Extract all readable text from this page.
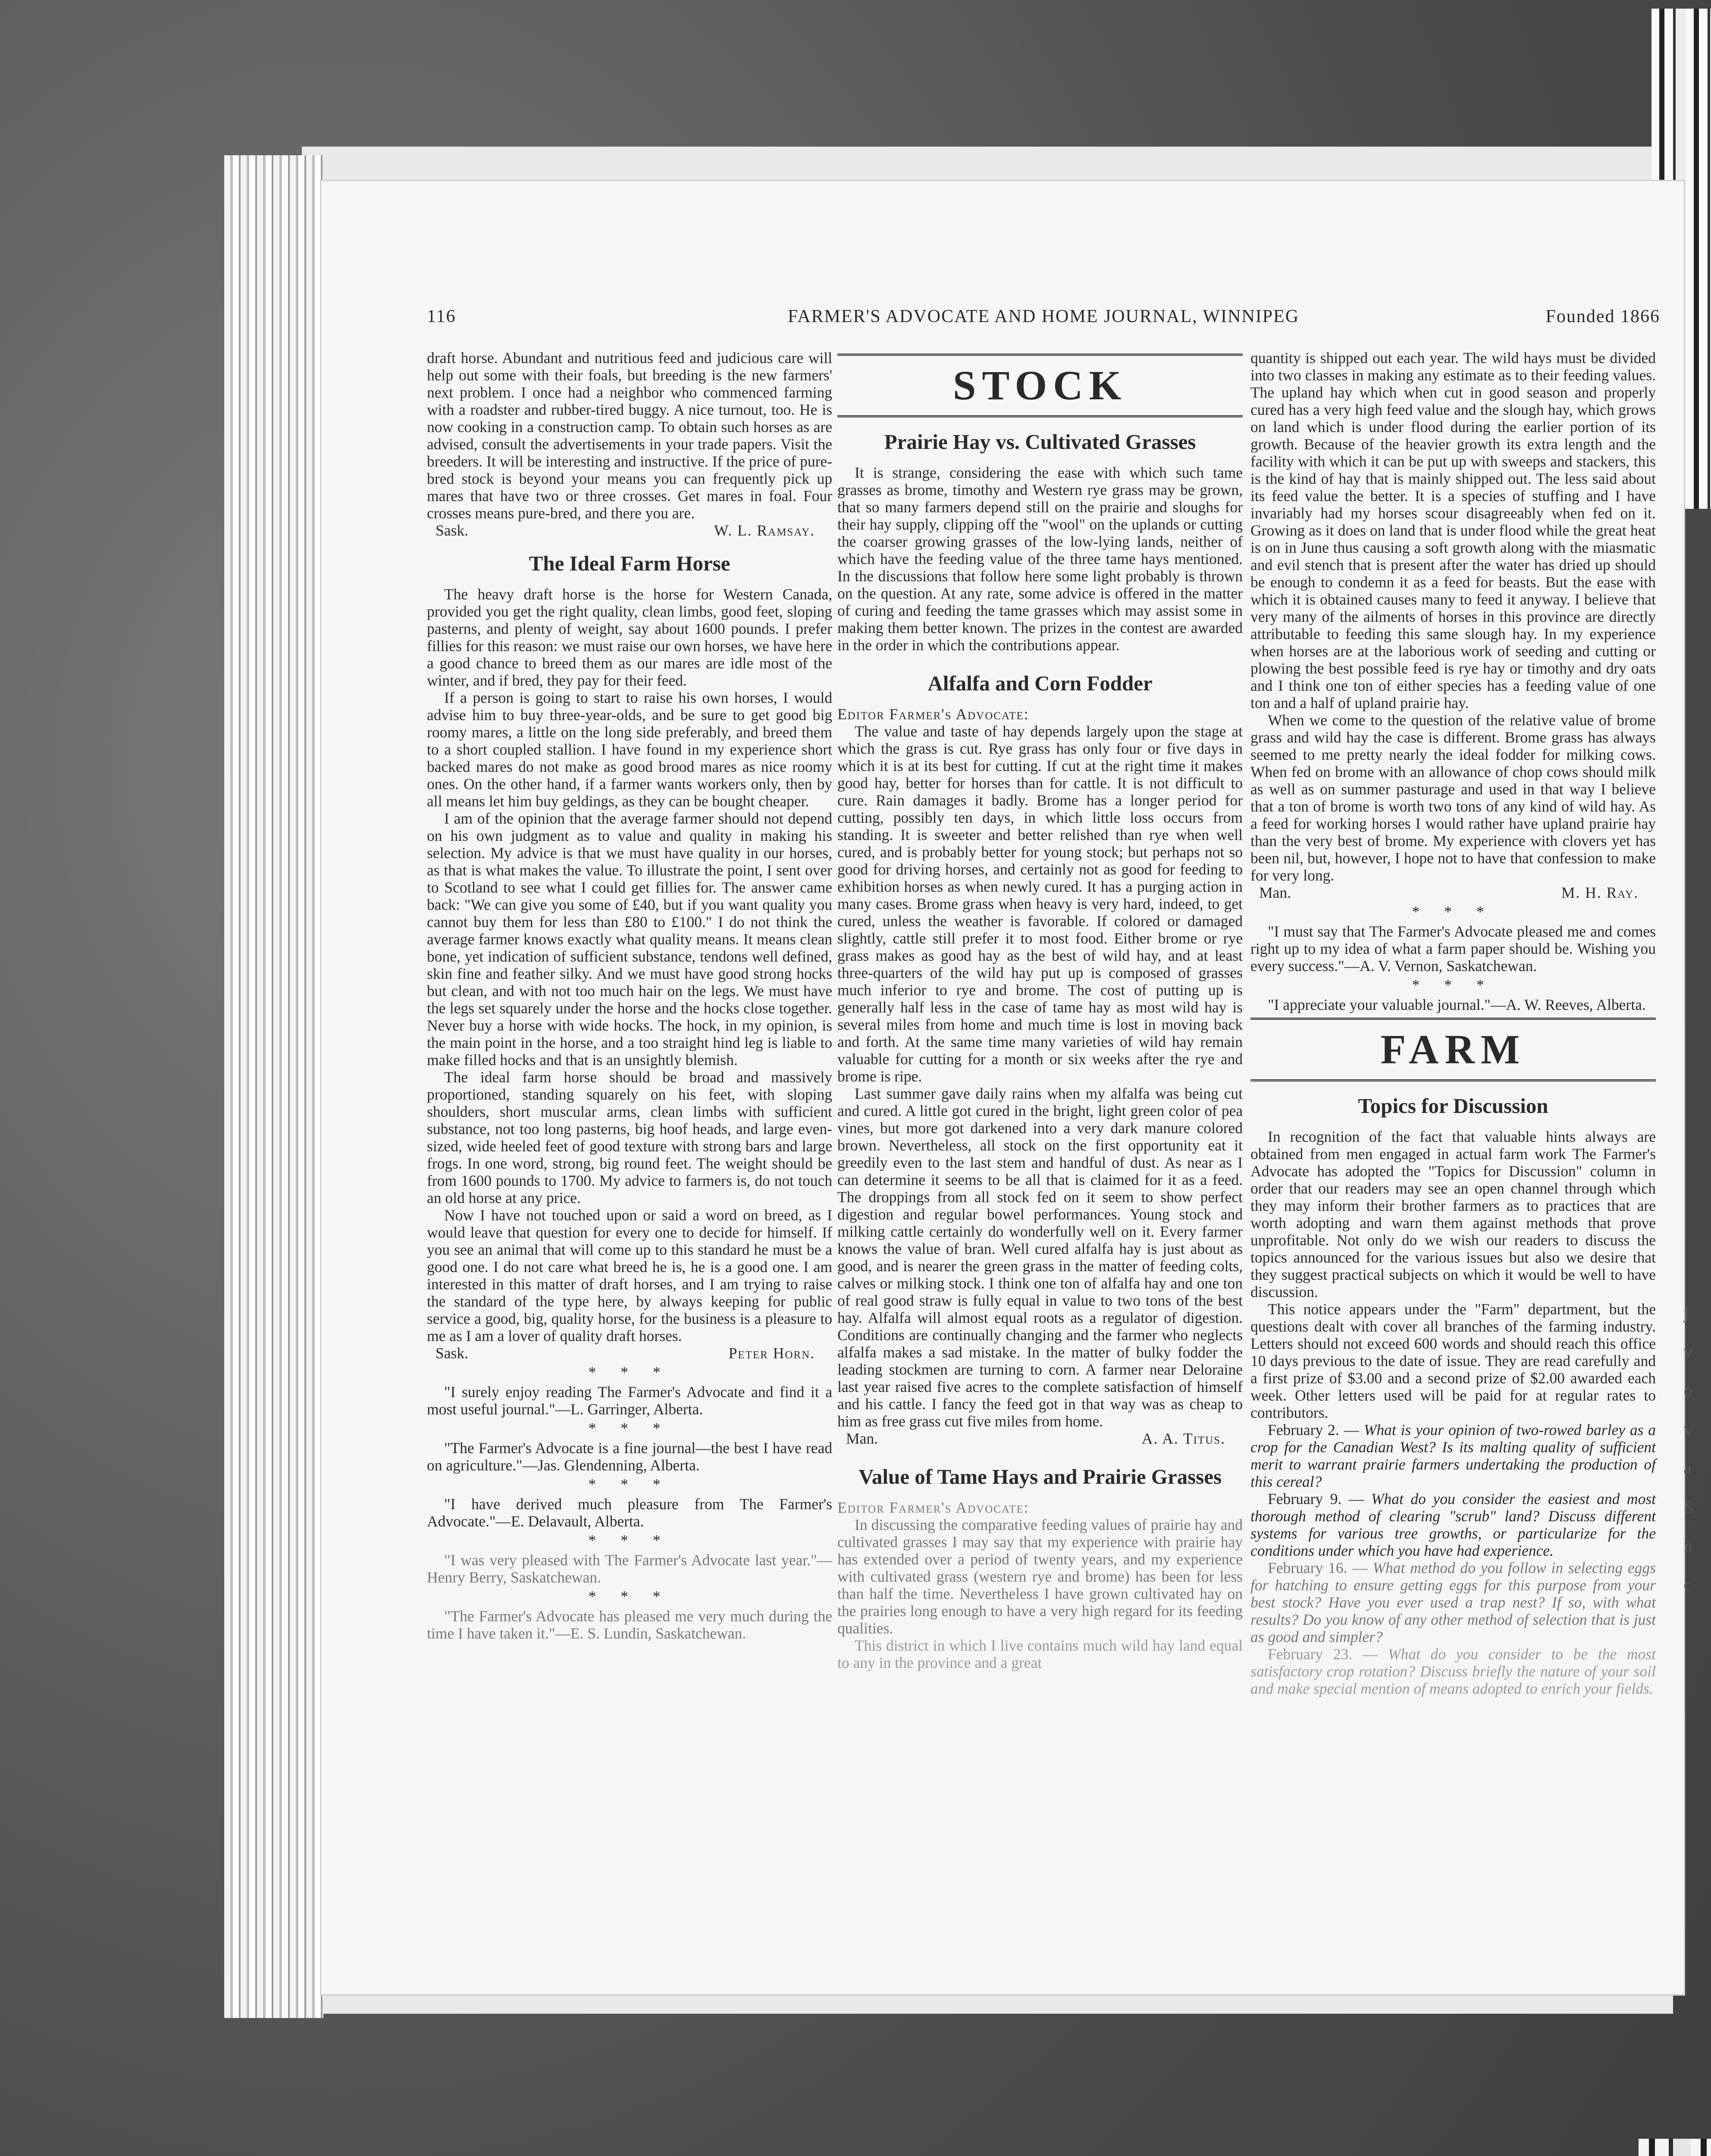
116	FARMER'S ADVOCATE AND HOME JOURNAL, WINNIPEG	Founded 1866

draft horse. Abundant and nutritious feed and judicious care will help out some with their foals, but breeding is the new farmers' next problem. I once had a neighbor who commenced farming with a roadster and rubber-tired buggy. A nice turnout, too. He is now cooking in a construction camp. To obtain such horses as are advised, consult the advertisements in your trade papers. Visit the breeders. It will be interesting and instructive. If the price of pure-bred stock is beyond your means you can frequently pick up mares that have two or three crosses. Get mares in foal. Four crosses means pure-bred, and there you are.

Sask.	W. L. Ramsay.
The Ideal Farm Horse

The heavy draft horse is the horse for Western Canada, provided you get the right quality, clean limbs, good feet, sloping pasterns, and plenty of weight, say about 1600 pounds. I prefer fillies for this reason: we must raise our own horses, we have here a good chance to breed them as our mares are idle most of the winter, and if bred, they pay for their feed.

If a person is going to start to raise his own horses, I would advise him to buy three-year-olds, and be sure to get good big roomy mares, a little on the long side preferably, and breed them to a short coupled stallion. I have found in my experience short backed mares do not make as good brood mares as nice roomy ones. On the other hand, if a farmer wants workers only, then by all means let him buy geldings, as they can be bought cheaper.

I am of the opinion that the average farmer should not depend on his own judgment as to value and quality in making his selection. My advice is that we must have quality in our horses, as that is what makes the value. To illustrate the point, I sent over to Scotland to see what I could get fillies for. The answer came back: "We can give you some of £40, but if you want quality you cannot buy them for less than £80 to £100." I do not think the average farmer knows exactly what quality means. It means clean bone, yet indication of sufficient substance, tendons well defined, skin fine and feather silky. And we must have good strong hocks but clean, and with not too much hair on the legs. We must have the legs set squarely under the horse and the hocks close together. Never buy a horse with wide hocks. The hock, in my opinion, is the main point in the horse, and a too straight hind leg is liable to make filled hocks and that is an unsightly blemish.

The ideal farm horse should be broad and massively proportioned, standing squarely on his feet, with sloping shoulders, short muscular arms, clean limbs with sufficient substance, not too long pasterns, big hoof heads, and large even-sized, wide heeled feet of good texture with strong bars and large frogs. In one word, strong, big round feet. The weight should be from 1600 pounds to 1700. My advice to farmers is, do not touch an old horse at any price.

Now I have not touched upon or said a word on breed, as I would leave that question for every one to decide for himself. If you see an animal that will come up to this standard he must be a good one. I do not care what breed he is, he is a good one. I am interested in this matter of draft horses, and I am trying to raise the standard of the type here, by always keeping for public service a good, big, quality horse, for the business is a pleasure to me as I am a lover of quality draft horses.

Sask.	Peter Horn.
* * *

"I surely enjoy reading The Farmer's Advocate and find it a most useful journal."—L. Garringer, Alberta.

* * *

"The Farmer's Advocate is a fine journal—the best I have read on agriculture."—Jas. Glendenning, Alberta.

* * *

"I have derived much pleasure from The Farmer's Advocate."—E. Delavault, Alberta.

* * *

"I was very pleased with The Farmer's Advocate last year."—Henry Berry, Saskatchewan.

* * *

"The Farmer's Advocate has pleased me very much during the time I have taken it."—E. S. Lundin, Saskatchewan.

STOCK
Prairie Hay vs. Cultivated Grasses

It is strange, considering the ease with which such tame grasses as brome, timothy and Western rye grass may be grown, that so many farmers depend still on the prairie and sloughs for their hay supply, clipping off the "wool" on the uplands or cutting the coarser growing grasses of the low-lying lands, neither of which have the feeding value of the three tame hays mentioned. In the discussions that follow here some light probably is thrown on the question. At any rate, some advice is offered in the matter of curing and feeding the tame grasses which may assist some in making them better known. The prizes in the contest are awarded in the order in which the contributions appear.

Alfalfa and Corn Fodder

Editor Farmer's Advocate:

The value and taste of hay depends largely upon the stage at which the grass is cut. Rye grass has only four or five days in which it is at its best for cutting. If cut at the right time it makes good hay, better for horses than for cattle. It is not difficult to cure. Rain damages it badly. Brome has a longer period for cutting, possibly ten days, in which little loss occurs from standing. It is sweeter and better relished than rye when well cured, and is probably better for young stock; but perhaps not so good for driving horses, and certainly not as good for feeding to exhibition horses as when newly cured. It has a purging action in many cases. Brome grass when heavy is very hard, indeed, to get cured, unless the weather is favorable. If colored or damaged slightly, cattle still prefer it to most food. Either brome or rye grass makes as good hay as the best of wild hay, and at least three-quarters of the wild hay put up is composed of grasses much inferior to rye and brome. The cost of putting up is generally half less in the case of tame hay as most wild hay is several miles from home and much time is lost in moving back and forth. At the same time many varieties of wild hay remain valuable for cutting for a month or six weeks after the rye and brome is ripe.

Last summer gave daily rains when my alfalfa was being cut and cured. A little got cured in the bright, light green color of pea vines, but more got darkened into a very dark manure colored brown. Nevertheless, all stock on the first opportunity eat it greedily even to the last stem and handful of dust. As near as I can determine it seems to be all that is claimed for it as a feed. The droppings from all stock fed on it seem to show perfect digestion and regular bowel performances. Young stock and milking cattle certainly do wonderfully well on it. Every farmer knows the value of bran. Well cured alfalfa hay is just about as good, and is nearer the green grass in the matter of feeding colts, calves or milking stock. I think one ton of alfalfa hay and one ton of real good straw is fully equal in value to two tons of the best hay. Alfalfa will almost equal roots as a regulator of digestion. Conditions are continually changing and the farmer who neglects alfalfa makes a sad mistake. In the matter of bulky fodder the leading stockmen are turning to corn. A farmer near Deloraine last year raised five acres to the complete satisfaction of himself and his cattle. I fancy the feed got in that way was as cheap to him as free grass cut five miles from home.

Man.	A. A. Titus.
Value of Tame Hays and Prairie Grasses

Editor Farmer's Advocate:

In discussing the comparative feeding values of prairie hay and cultivated grasses I may say that my experience with prairie hay has extended over a period of twenty years, and my experience with cultivated grass (western rye and brome) has been for less than half the time. Nevertheless I have grown cultivated hay on the prairies long enough to have a very high regard for its feeding qualities.

This district in which I live contains much wild hay land equal to any in the province and a great

quantity is shipped out each year. The wild hays must be divided into two classes in making any estimate as to their feeding values. The upland hay which when cut in good season and properly cured has a very high feed value and the slough hay, which grows on land which is under flood during the earlier portion of its growth. Because of the heavier growth its extra length and the facility with which it can be put up with sweeps and stackers, this is the kind of hay that is mainly shipped out. The less said about its feed value the better. It is a species of stuffing and I have invariably had my horses scour disagreeably when fed on it. Growing as it does on land that is under flood while the great heat is on in June thus causing a soft growth along with the miasmatic and evil stench that is present after the water has dried up should be enough to condemn it as a feed for beasts. But the ease with which it is obtained causes many to feed it anyway. I believe that very many of the ailments of horses in this province are directly attributable to feeding this same slough hay. In my experience when horses are at the laborious work of seeding and cutting or plowing the best possible feed is rye hay or timothy and dry oats and I think one ton of either species has a feeding value of one ton and a half of upland prairie hay.

When we come to the question of the relative value of brome grass and wild hay the case is different. Brome grass has always seemed to me pretty nearly the ideal fodder for milking cows. When fed on brome with an allowance of chop cows should milk as well as on summer pasturage and used in that way I believe that a ton of brome is worth two tons of any kind of wild hay. As a feed for working horses I would rather have upland prairie hay than the very best of brome. My experience with clovers yet has been nil, but, however, I hope not to have that confession to make for very long.

Man.	M. H. Ray.
* * *

"I must say that The Farmer's Advocate pleased me and comes right up to my idea of what a farm paper should be. Wishing you every success."—A. V. Vernon, Saskatchewan.

* * *

"I appreciate your valuable journal."—A. W. Reeves, Alberta.

FARM
Topics for Discussion

In recognition of the fact that valuable hints always are obtained from men engaged in actual farm work The Farmer's Advocate has adopted the "Topics for Discussion" column in order that our readers may see an open channel through which they may inform their brother farmers as to practices that are worth adopting and warn them against methods that prove unprofitable. Not only do we wish our readers to discuss the topics announced for the various issues but also we desire that they suggest practical subjects on which it would be well to have discussion.

This notice appears under the "Farm" department, but the questions dealt with cover all branches of the farming industry. Letters should not exceed 600 words and should reach this office 10 days previous to the date of issue. They are read carefully and a first prize of $3.00 and a second prize of $2.00 awarded each week. Other letters used will be paid for at regular rates to contributors.

February 2. — What is your opinion of two-rowed barley as a crop for the Canadian West? Is its malting quality of sufficient merit to warrant prairie farmers undertaking the production of this cereal?

February 9. — What do you consider the easiest and most thorough method of clearing "scrub" land? Discuss different systems for various tree growths, or particularize for the conditions under which you have had experience.

February 16. — What method do you follow in selecting eggs for hatching to ensure getting eggs for this purpose from your best stock? Have you ever used a trap nest? If so, with what results? Do you know of any other method of selection that is just as good and simpler?

February 23. — What do you consider to be the most satisfactory crop rotation? Discuss briefly the nature of your soil and make special mention of means adopted to enrich your fields.

j
v
o
v
a
S
n
c
